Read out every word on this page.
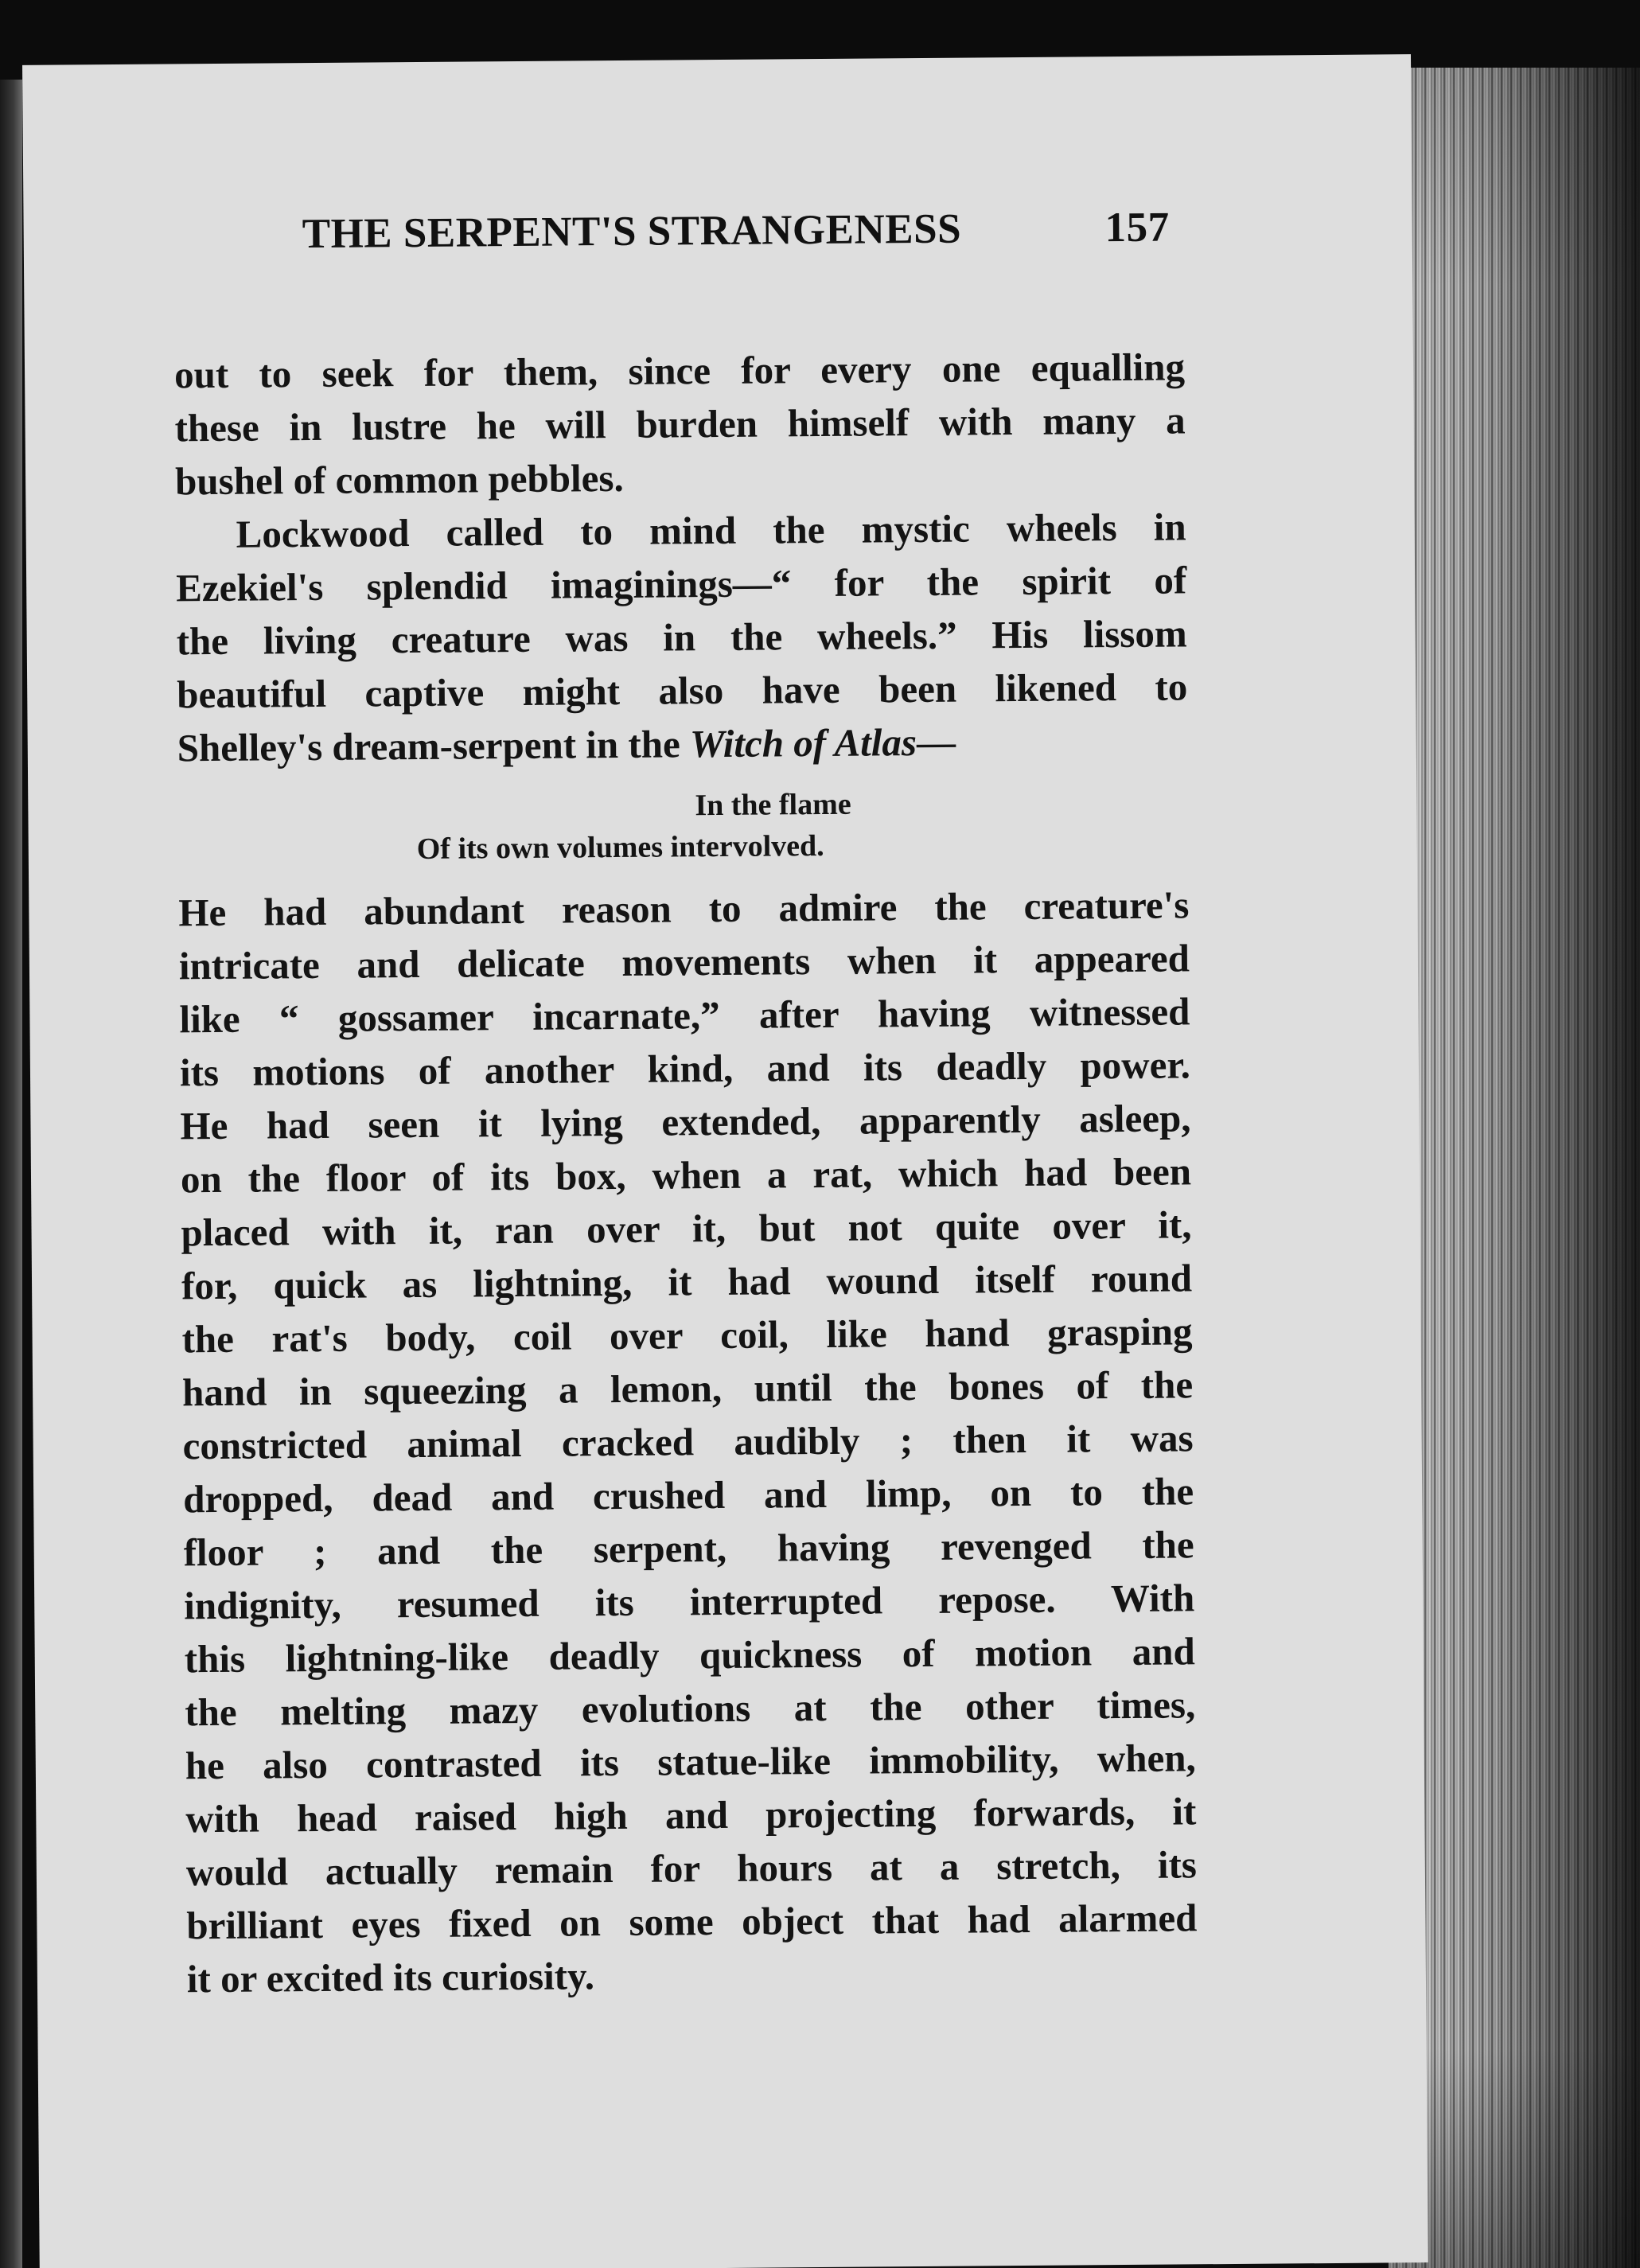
THE SERPENT'S STRANGENESS	157
out to seek for them, since for every one equalling
these in lustre he will burden himself with many a
bushel of common pebbles.
Lockwood called to mind the mystic wheels in
Ezekiel's splendid imaginings—“ for the spirit of
the living creature was in the wheels.” His lissom
beautiful captive might also have been likened to
Shelley's dream-serpent in the Witch of Atlas—
In the flame
Of its own volumes intervolved.
He had abundant reason to admire the creature's
intricate and delicate movements when it appeared
like “ gossamer incarnate,” after having witnessed
its motions of another kind, and its deadly power.
He had seen it lying extended, apparently asleep,
on the floor of its box, when a rat, which had been
placed with it, ran over it, but not quite over it,
for, quick as lightning, it had wound itself round
the rat's body, coil over coil, like hand grasping
hand in squeezing a lemon, until the bones of the
constricted animal cracked audibly ; then it was
dropped, dead and crushed and limp, on to the
floor ; and the serpent, having revenged the
indignity, resumed its interrupted repose. With
this lightning-like deadly quickness of motion and
the melting mazy evolutions at the other times,
he also contrasted its statue-like immobility, when,
with head raised high and projecting forwards, it
would actually remain for hours at a stretch, its
brilliant eyes fixed on some object that had alarmed
it or excited its curiosity.
